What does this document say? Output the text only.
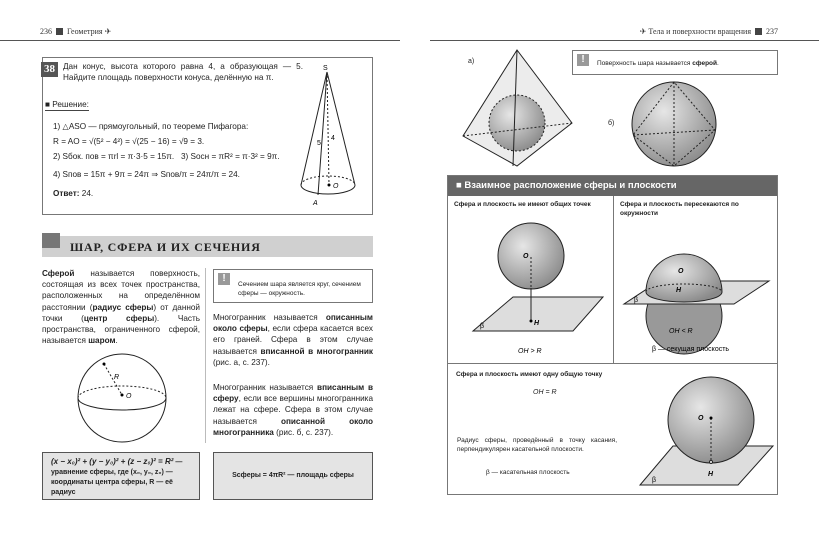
236 Геометрия ✈	✈ Тела и поверхности вращения 237
38 Дан конус, высота которого равна 4, а образующая — 5. Найдите площадь поверхности конуса, делённую на π.
■ Решение:
1) △ASO — прямоугольный, по теореме Пифагора:
R = AO = √(5² − 4²) = √(25 − 16) = √9 = 3.
2) Sбок. пов = πrl = π·3·5 = 15π. 3) Sосн = πR² = π·3² = 9π.
4) Sпов = 15π + 9π = 24π ⇒ Sпов/π = 24π/π = 24.
Ответ: 24.
S
4
5
O
A
ШАР, СФЕРА И ИХ СЕЧЕНИЯ
Сферой называется поверхность, состоящая из всех точек пространства, расположенных на определённом расстоянии (радиус сферы) от данной точки (центр сферы). Часть пространства, ограниченного сферой, называется шаром.
R
O
!
Сечением шара является круг, сечением сферы — окружность.
Многогранник называется описанным около сферы, если сфера касается всех его граней. Сфера в этом случае называется вписанной в многогранник (рис. а, с. 237).
Многогранник называется вписанным в сферу, если все вершины многогранника лежат на сфере. Сфера в этом случае называется описанной около многогранника (рис. б, с. 237).
(x − x₀)² + (y − y₀)² + (z − z₀)² = R² — уравнение сферы, где (x₀, y₀, z₀) — координаты центра сферы, R — её радиус
Sсферы = 4πR² — площадь сферы
а)	!	Поверхность шара называется сферой.
б)
■ Взаимное расположение сферы и плоскости
Сфера и плоскость не имеют общих точек
O
H
β
OH > R
Сфера и плоскость пересекаются по окружности
O
H
β
OH < R
β — секущая плоскость
Сфера и плоскость имеют одну общую точку
OH = R
Радиус сферы, проведённый в точку касания, перпендикулярен касательной плоскости.
β — касательная плоскость
O
H
β
